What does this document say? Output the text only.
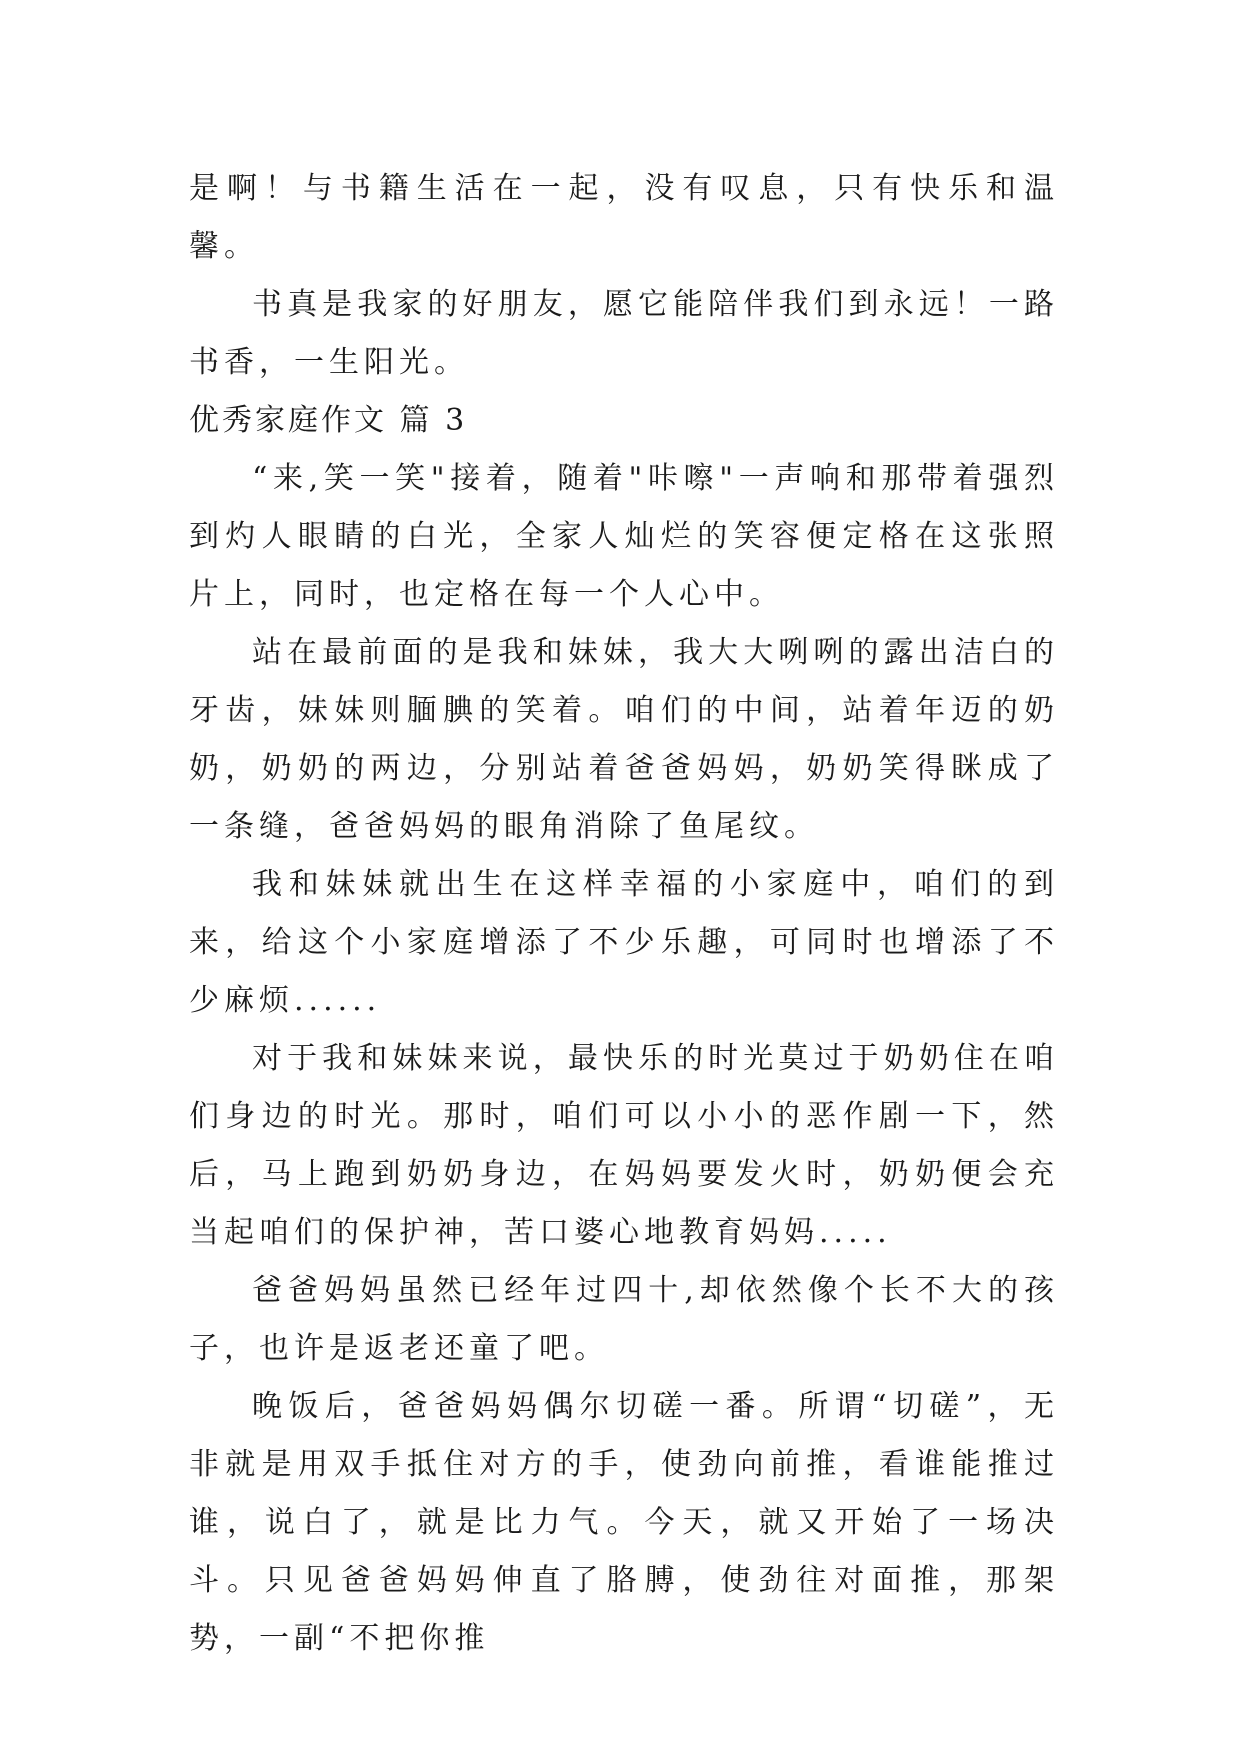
是啊！与书籍生活在一起，没有叹息，只有快乐和温馨。

书真是我家的好朋友，愿它能陪伴我们到永远！一路书香，一生阳光。

优秀家庭作文 篇 3

“来,笑一笑"接着，随着"咔嚓"一声响和那带着强烈到灼人眼睛的白光，全家人灿烂的笑容便定格在这张照片上，同时，也定格在每一个人心中。

站在最前面的是我和妹妹，我大大咧咧的露出洁白的牙齿，妹妹则腼腆的笑着。咱们的中间，站着年迈的奶奶，奶奶的两边，分别站着爸爸妈妈，奶奶笑得眯成了一条缝，爸爸妈妈的眼角消除了鱼尾纹。

我和妹妹就出生在这样幸福的小家庭中，咱们的到来，给这个小家庭增添了不少乐趣，可同时也增添了不少麻烦......

对于我和妹妹来说，最快乐的时光莫过于奶奶住在咱们身边的时光。那时，咱们可以小小的恶作剧一下，然后，马上跑到奶奶身边，在妈妈要发火时，奶奶便会充当起咱们的保护神，苦口婆心地教育妈妈.....

爸爸妈妈虽然已经年过四十,却依然像个长不大的孩子，也许是返老还童了吧。

晚饭后，爸爸妈妈偶尔切磋一番。所谓“切磋”，无非就是用双手抵住对方的手，使劲向前推，看谁能推过谁，说白了，就是比力气。今天，就又开始了一场决斗。只见爸爸妈妈伸直了胳膊，使劲往对面推，那架势，一副“不把你推
